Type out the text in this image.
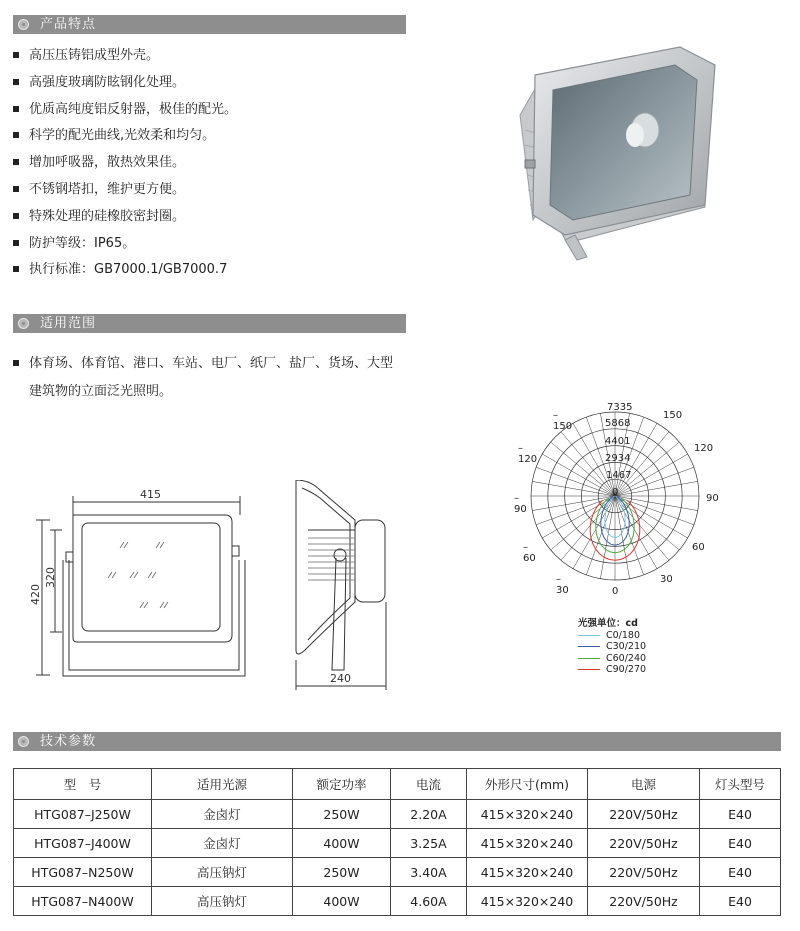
产品特点
高压压铸铝成型外壳。
高强度玻璃防眩钢化处理。
优质高纯度铝反射器，极佳的配光。
科学的配光曲线,光效柔和均匀。
增加呼吸器，散热效果佳。
不锈钢塔扣，维护更方便。
特殊处理的硅橡胶密封圈。
防护等级：IP65。
执行标准：GB7000.1/GB7000.7
适用范围
体育场、体育馆、港口、车站、电厂、纸厂、盐厂、货场、大型
建筑物的立面泛光照明。
415
320
420
240
7335
5868
4401
2934
1467
0
–150
150
–120
120
–90
90
–60
60
–30
30
0
光强单位：cd
C0/180
C30/210
C60/240
C90/270
技术参数
型　号	适用光源	额定功率	电流	外形尺寸(mm)	电源	灯头型号
HTG087–J250W	金卤灯	250W	2.20A	415×320×240	220V/50Hz	E40
HTG087–J400W	金卤灯	400W	3.25A	415×320×240	220V/50Hz	E40
HTG087–N250W	高压钠灯	250W	3.40A	415×320×240	220V/50Hz	E40
HTG087–N400W	高压钠灯	400W	4.60A	415×320×240	220V/50Hz	E40
